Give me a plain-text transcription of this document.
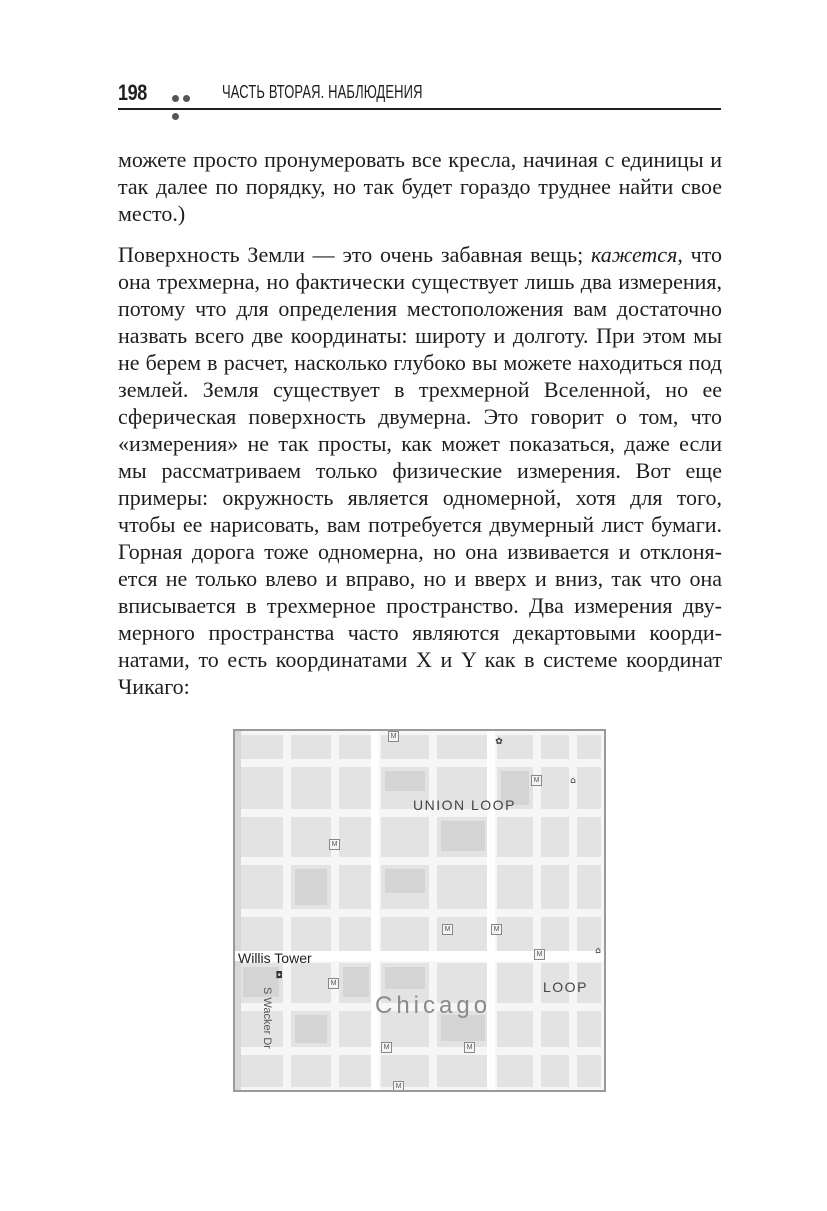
198	ЧАСТЬ ВТОРАЯ. НАБЛЮДЕНИЯ
можете просто пронумеровать все кресла, начиная с единицы и так далее по порядку, но так будет гораздо труднее найти свое место.)
Поверхность Земли — это очень забавная вещь; кажется, что она трехмерна, но фактически существует лишь два измерения, потому что для определения местоположения вам достаточно назвать всего две координаты: широту и долготу. При этом мы не берем в расчет, насколько глубоко вы можете находиться под землей. Земля существует в трехмерной Вселенной, но ее сферическая поверхность двумерна. Это говорит о том, что «измерения» не так просты, как может показаться, даже если мы рассматриваем только физические измерения. Вот еще примеры: окружность является одномерной, хотя для того, чтобы ее нарисовать, вам потребуется двумерный лист бумаги. Горная дорога тоже одномерна, но она извивается и отклоняется не только влево и вправо, но и вверх и вниз, так что она вписывается в трехмерное пространство. Два измерения двумерного пространства часто являются декартовыми координатами, то есть координатами X и Y как в системе координат Чикаго:
UNION LOOP
Willis Tower
LOOP
Chicago
S Wacker Dr
M
M
M
M	M
M
M
M	M
M
✿
⌂
◘
⌂
